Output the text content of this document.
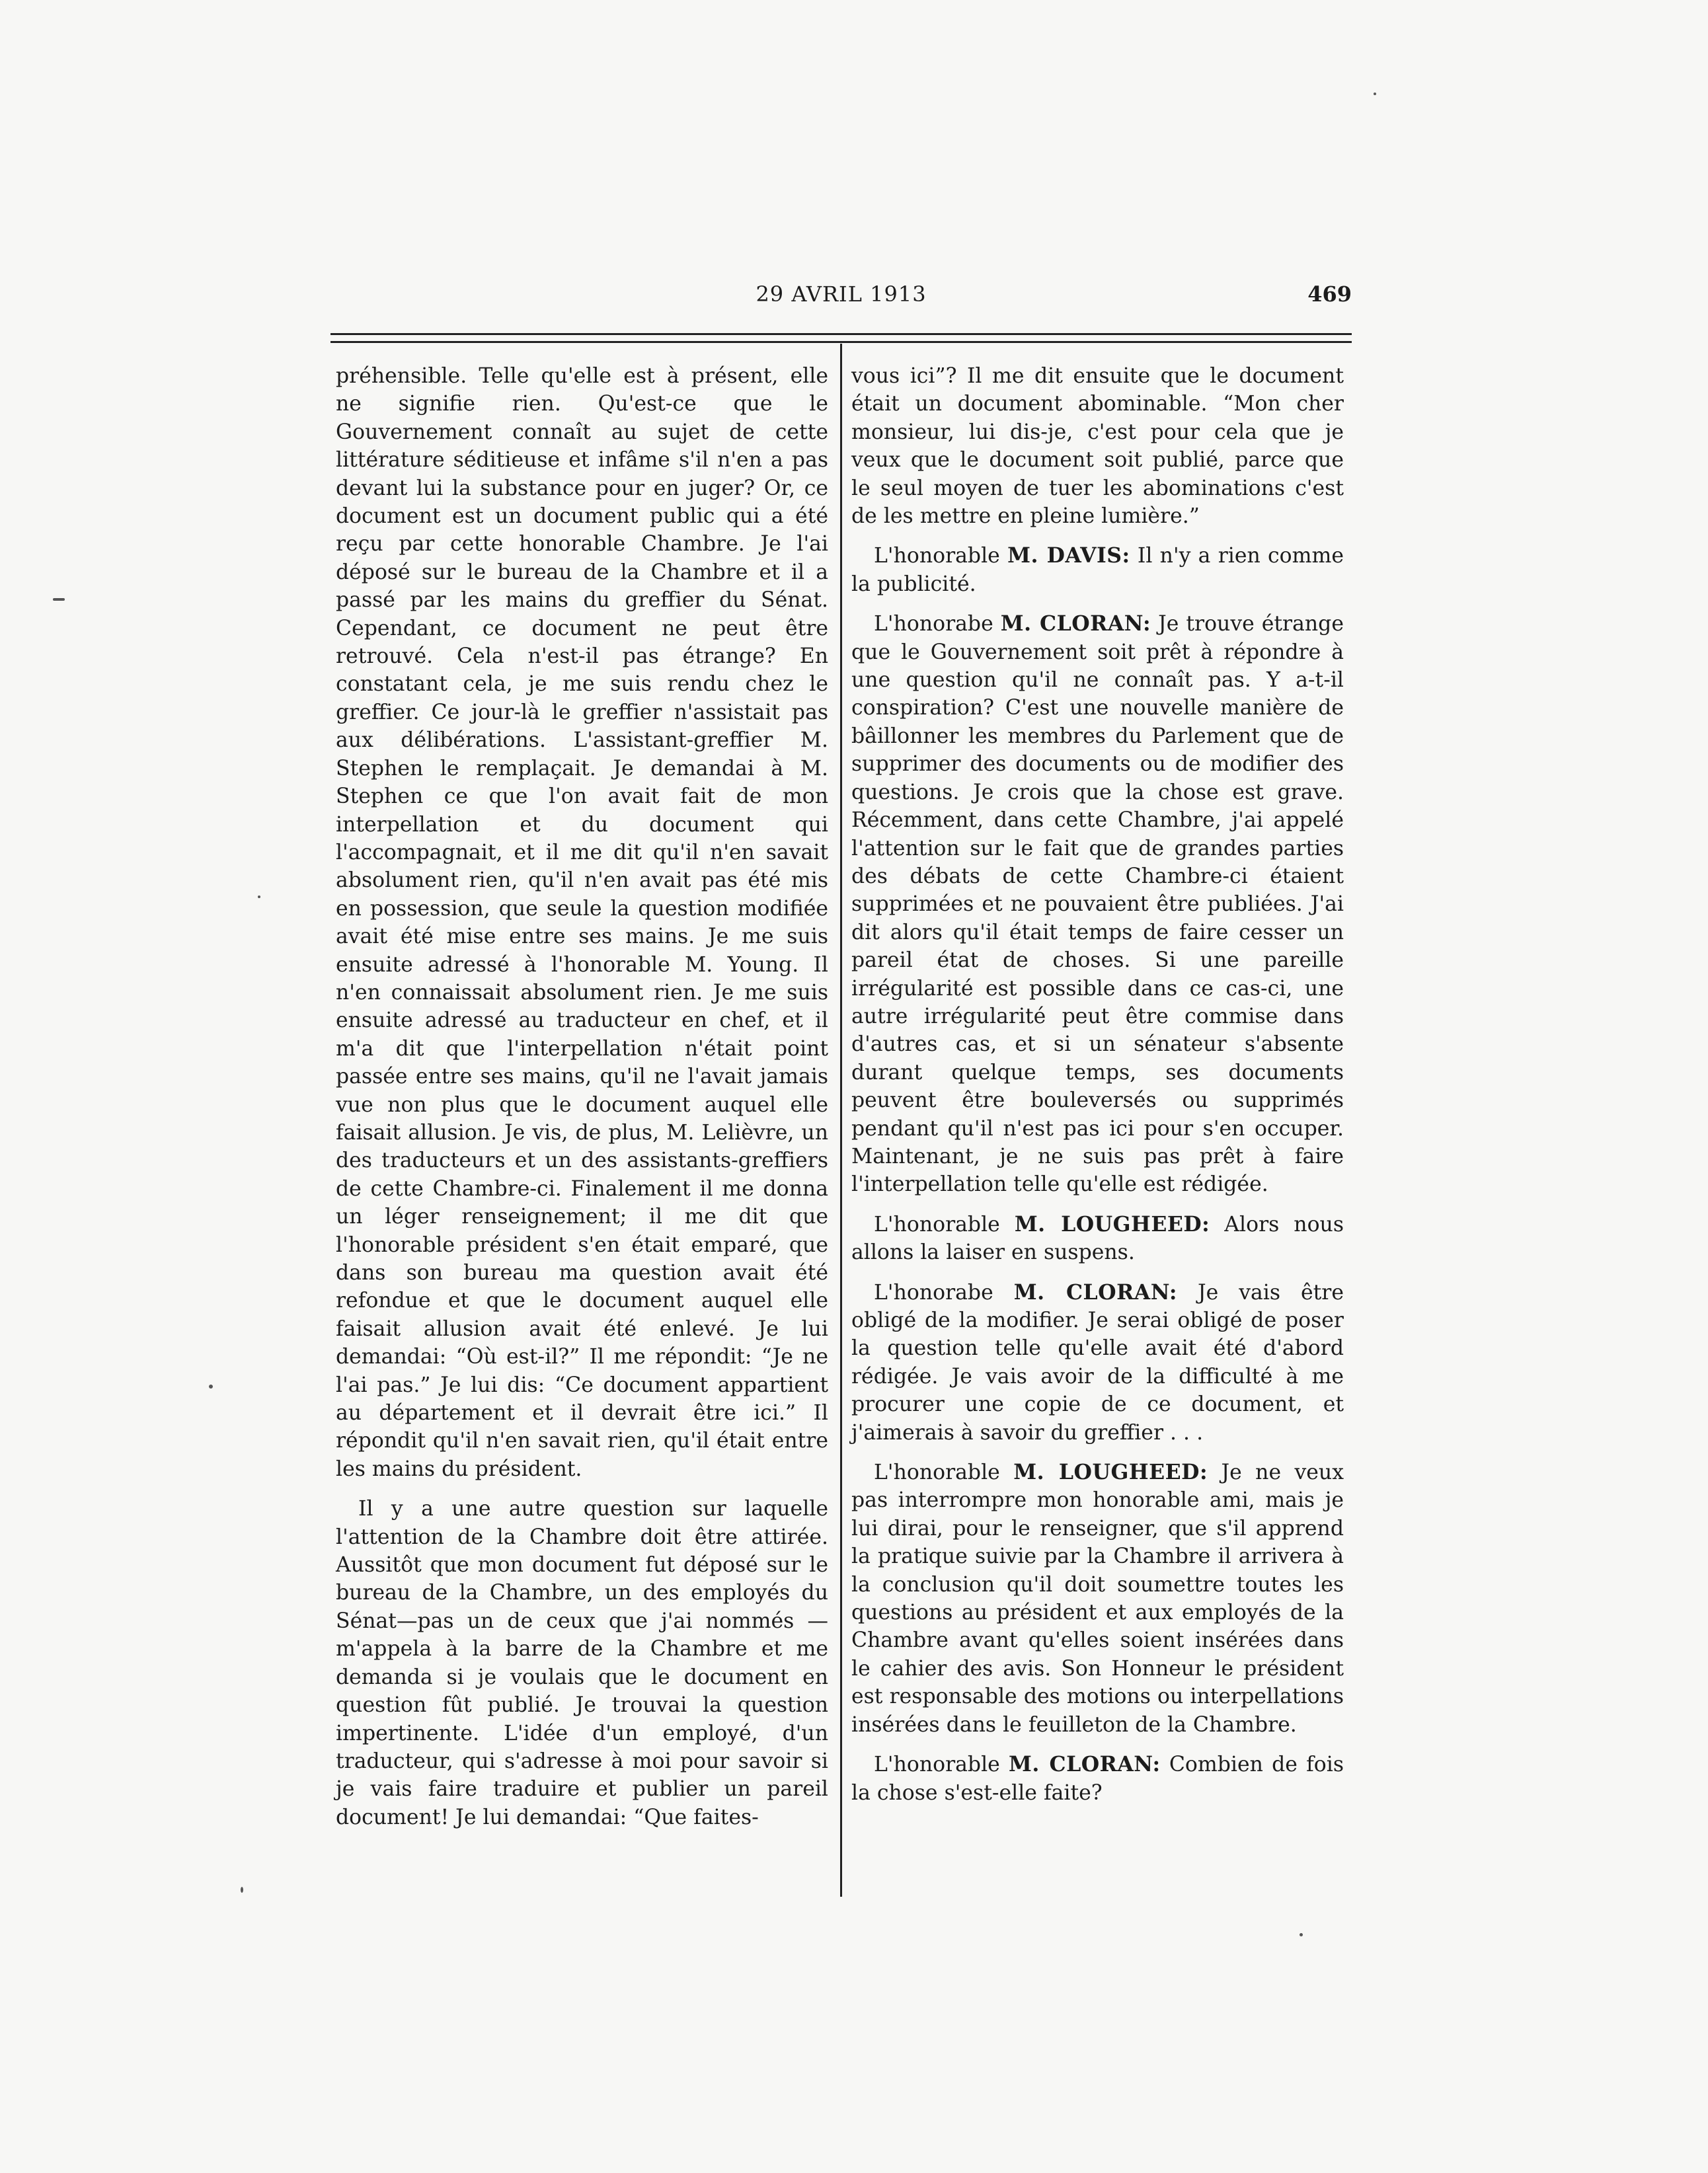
29 AVRIL 1913	469

préhensible. Telle qu'elle est à présent, elle ne signifie rien. Qu'est-ce que le Gouvernement connaît au sujet de cette littérature séditieuse et infâme s'il n'en a pas devant lui la substance pour en juger? Or, ce document est un document public qui a été reçu par cette honorable Chambre. Je l'ai déposé sur le bureau de la Chambre et il a passé par les mains du greffier du Sénat. Cependant, ce document ne peut être retrouvé. Cela n'est-il pas étrange? En constatant cela, je me suis rendu chez le greffier. Ce jour-là le greffier n'assistait pas aux délibérations. L'assistant-greffier M. Stephen le remplaçait. Je demandai à M. Stephen ce que l'on avait fait de mon interpellation et du document qui l'accompagnait, et il me dit qu'il n'en savait absolument rien, qu'il n'en avait pas été mis en possession, que seule la question modifiée avait été mise entre ses mains. Je me suis ensuite adressé à l'honorable M. Young. Il n'en connaissait absolument rien. Je me suis ensuite adressé au traducteur en chef, et il m'a dit que l'interpellation n'était point passée entre ses mains, qu'il ne l'avait jamais vue non plus que le document auquel elle faisait allusion. Je vis, de plus, M. Lelièvre, un des traducteurs et un des assistants-greffiers de cette Chambre-ci. Finalement il me donna un léger renseignement; il me dit que l'honorable président s'en était emparé, que dans son bureau ma question avait été refondue et que le document auquel elle faisait allusion avait été enlevé. Je lui demandai: “Où est-il?” Il me répondit: “Je ne l'ai pas.” Je lui dis: “Ce document appartient au département et il devrait être ici.” Il répondit qu'il n'en savait rien, qu'il était entre les mains du président.

Il y a une autre question sur laquelle l'attention de la Chambre doit être attirée. Aussitôt que mon document fut déposé sur le bureau de la Chambre, un des employés du Sénat—pas un de ceux que j'ai nommés —m'appela à la barre de la Chambre et me demanda si je voulais que le document en question fût publié. Je trouvai la question impertinente. L'idée d'un employé, d'un traducteur, qui s'adresse à moi pour savoir si je vais faire traduire et publier un pareil document! Je lui demandai: “Que faites-

vous ici”? Il me dit ensuite que le document était un document abominable. “Mon cher monsieur, lui dis-je, c'est pour cela que je veux que le document soit publié, parce que le seul moyen de tuer les abominations c'est de les mettre en pleine lumière.”

L'honorable M. DAVIS: Il n'y a rien comme la publicité.

L'honorabe M. CLORAN: Je trouve étrange que le Gouvernement soit prêt à répondre à une question qu'il ne connaît pas. Y a-t-il conspiration? C'est une nouvelle manière de bâillonner les membres du Parlement que de supprimer des documents ou de modifier des questions. Je crois que la chose est grave. Récemment, dans cette Chambre, j'ai appelé l'attention sur le fait que de grandes parties des débats de cette Chambre-ci étaient supprimées et ne pouvaient être publiées. J'ai dit alors qu'il était temps de faire cesser un pareil état de choses. Si une pareille irrégularité est possible dans ce cas-ci, une autre irrégularité peut être commise dans d'autres cas, et si un sénateur s'absente durant quelque temps, ses documents peuvent être bouleversés ou supprimés pendant qu'il n'est pas ici pour s'en occuper. Maintenant, je ne suis pas prêt à faire l'interpellation telle qu'elle est rédigée.

L'honorable M. LOUGHEED: Alors nous allons la laiser en suspens.

L'honorabe M. CLORAN: Je vais être obligé de la modifier. Je serai obligé de poser la question telle qu'elle avait été d'abord rédigée. Je vais avoir de la difficulté à me procurer une copie de ce document, et j'aimerais à savoir du greffier . . .

L'honorable M. LOUGHEED: Je ne veux pas interrompre mon honorable ami, mais je lui dirai, pour le renseigner, que s'il apprend la pratique suivie par la Chambre il arrivera à la conclusion qu'il doit soumettre toutes les questions au président et aux employés de la Chambre avant qu'elles soient insérées dans le cahier des avis. Son Honneur le président est responsable des motions ou interpellations insérées dans le feuilleton de la Chambre.

L'honorable M. CLORAN: Combien de fois la chose s'est-elle faite?
